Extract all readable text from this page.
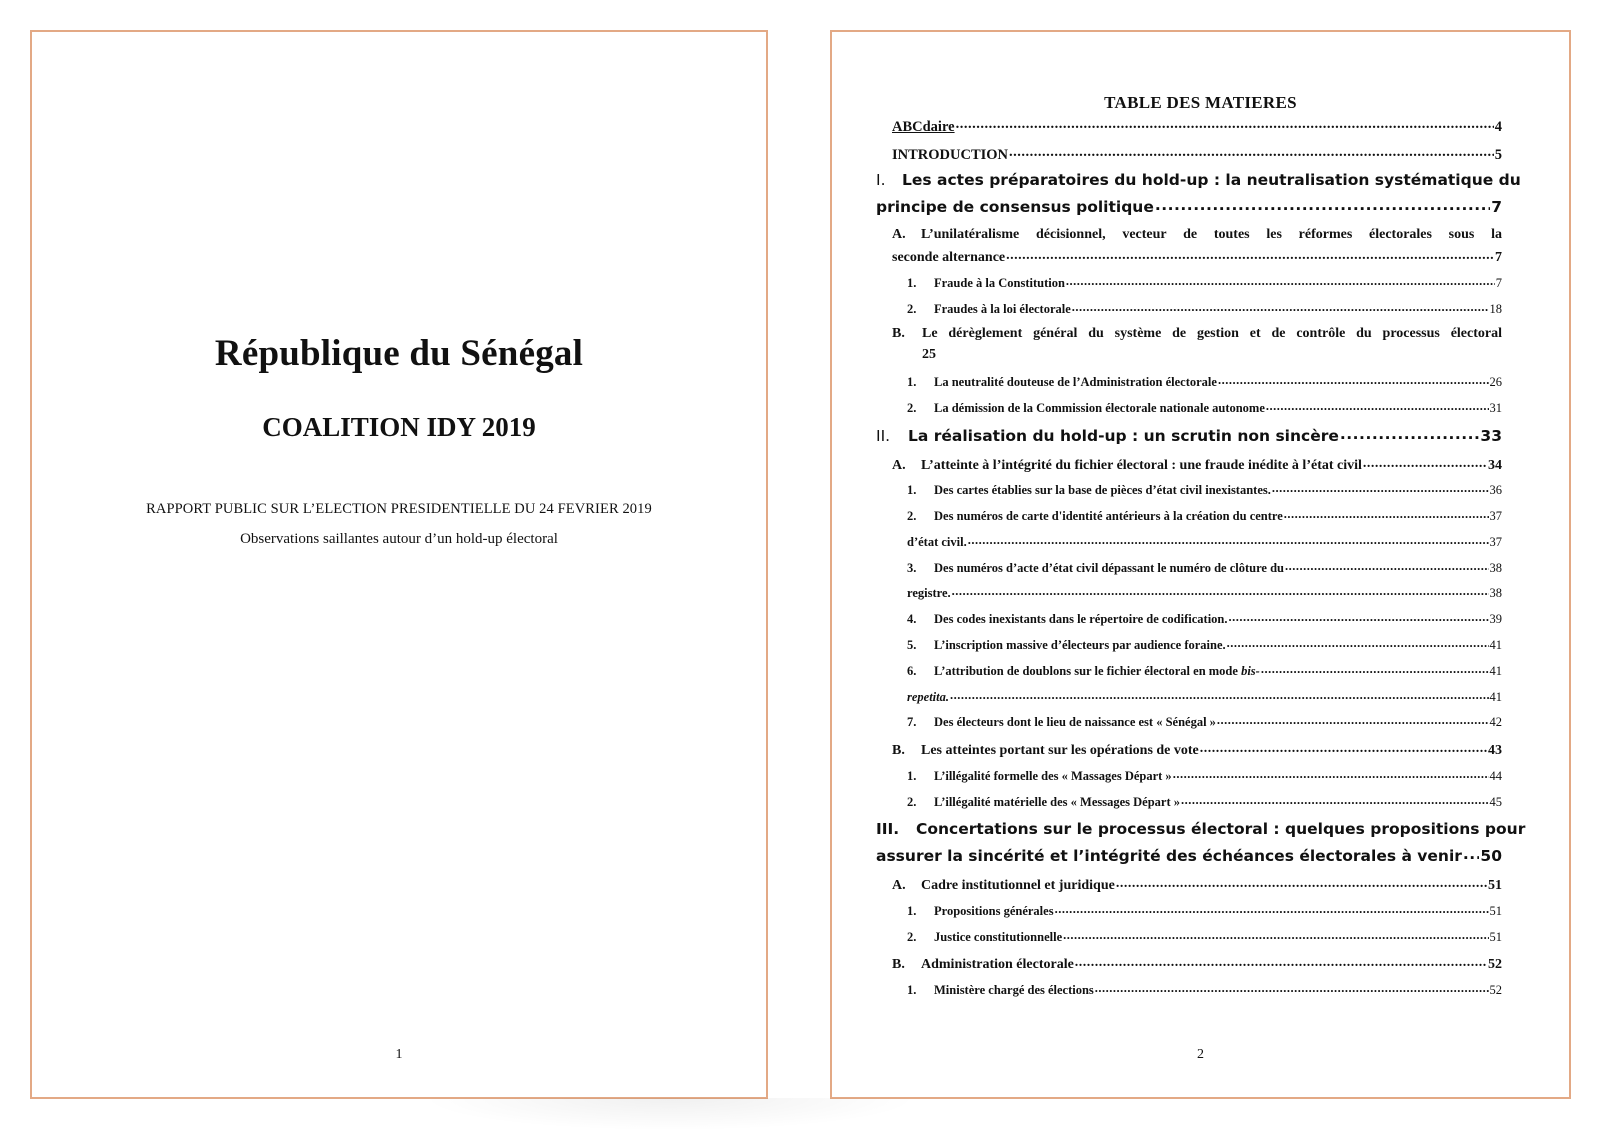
République du Sénégal
COALITION IDY 2019
RAPPORT PUBLIC SUR L’ELECTION PRESIDENTIELLE DU 24 FEVRIER 2019
Observations saillantes autour d’un hold-up électoral
1
TABLE DES MATIERES
ABCdaire .....	4
INTRODUCTION .....	5
I. Les actes préparatoires du hold-up : la neutralisation systématique du
principe de consensus politique .....	7
A. L’unilatéralisme décisionnel, vecteur de toutes les réformes électorales sous la
seconde alternance .....	7
1.	Fraude à la Constitution .....	7
2.	Fraudes à la loi électorale .....	18
B. Le dérèglement général du système de gestion et de contrôle du processus électoral
25
1.	La neutralité douteuse de l’Administration électorale .....	26
2.	La démission de la Commission électorale nationale autonome .....	31
II.	La réalisation du hold-up : un scrutin non sincère .....	33
A.	L’atteinte à l’intégrité du fichier électoral : une fraude inédite à l’état civil .....	34
1.	Des cartes établies sur la base de pièces d’état civil inexistantes. .....	36
2.	Des numéros de carte d'identité antérieurs à la création du centre .....	37
d’état civil. .....	37
3.	Des numéros d’acte d’état civil dépassant le numéro de clôture du .....	38
registre. .....	38
4.	Des codes inexistants dans le répertoire de codification. .....	39
5.	L’inscription massive d’électeurs par audience foraine. .....	41
6.	L’attribution de doublons sur le fichier électoral en mode bis- .....	41
repetita. .....	41
7.	Des électeurs dont le lieu de naissance est « Sénégal » .....	42
B.	Les atteintes portant sur les opérations de vote .....	43
1.	L’illégalité formelle des « Massages Départ » .....	44
2.	L’illégalité matérielle des « Messages Départ » .....	45
III. Concertations sur le processus électoral : quelques propositions pour
assurer la sincérité et l’intégrité des échéances électorales à venir ..... 50
A.	Cadre institutionnel et juridique .....	51
1.	Propositions générales .....	51
2.	Justice constitutionnelle .....	51
B.	Administration électorale .....	52
1.	Ministère chargé des élections .....	52
2
